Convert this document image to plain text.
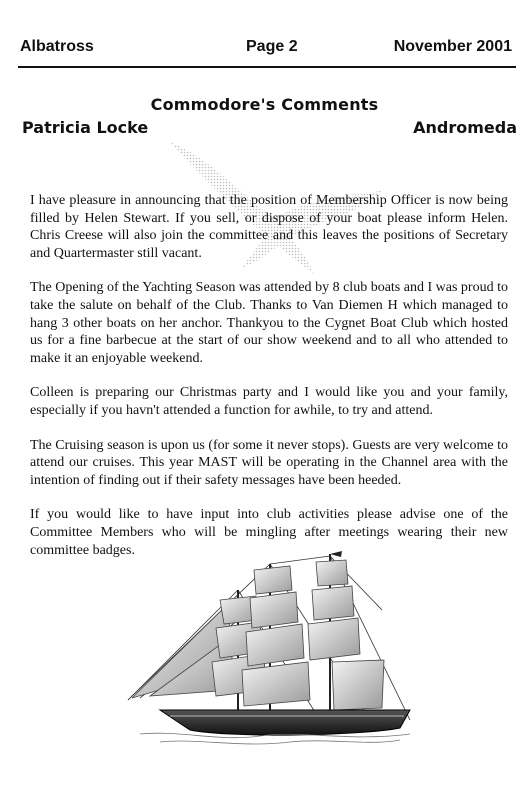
Albatross	Page 2	November 2001
Commodore's Comments
Patricia Locke	Andromeda

I have pleasure in announcing that the position of Membership Officer is now being filled by Helen Stewart. If you sell, or dispose of your boat please inform Helen. Chris Creese will also join the committee and this leaves the positions of Secretary and Quartermaster still vacant.

The Opening of the Yachting Season was attended by 8 club boats and I was proud to take the salute on behalf of the Club. Thanks to Van Diemen H which managed to hang 3 other boats on her anchor. Thankyou to the Cygnet Boat Club which hosted us for a fine barbecue at the start of our show weekend and to all who attended to make it an enjoyable weekend.

Colleen is preparing our Christmas party and I would like you and your family, especially if you havn't attended a function for awhile, to try and attend.

The Cruising season is upon us (for some it never stops). Guests are very welcome to attend our cruises. This year MAST will be operating in the Channel area with the intention of finding out if their safety messages have been heeded.

If you would like to have input into club activities please advise one of the Committee Members who will be mingling after meetings wearing their new committee badges.
